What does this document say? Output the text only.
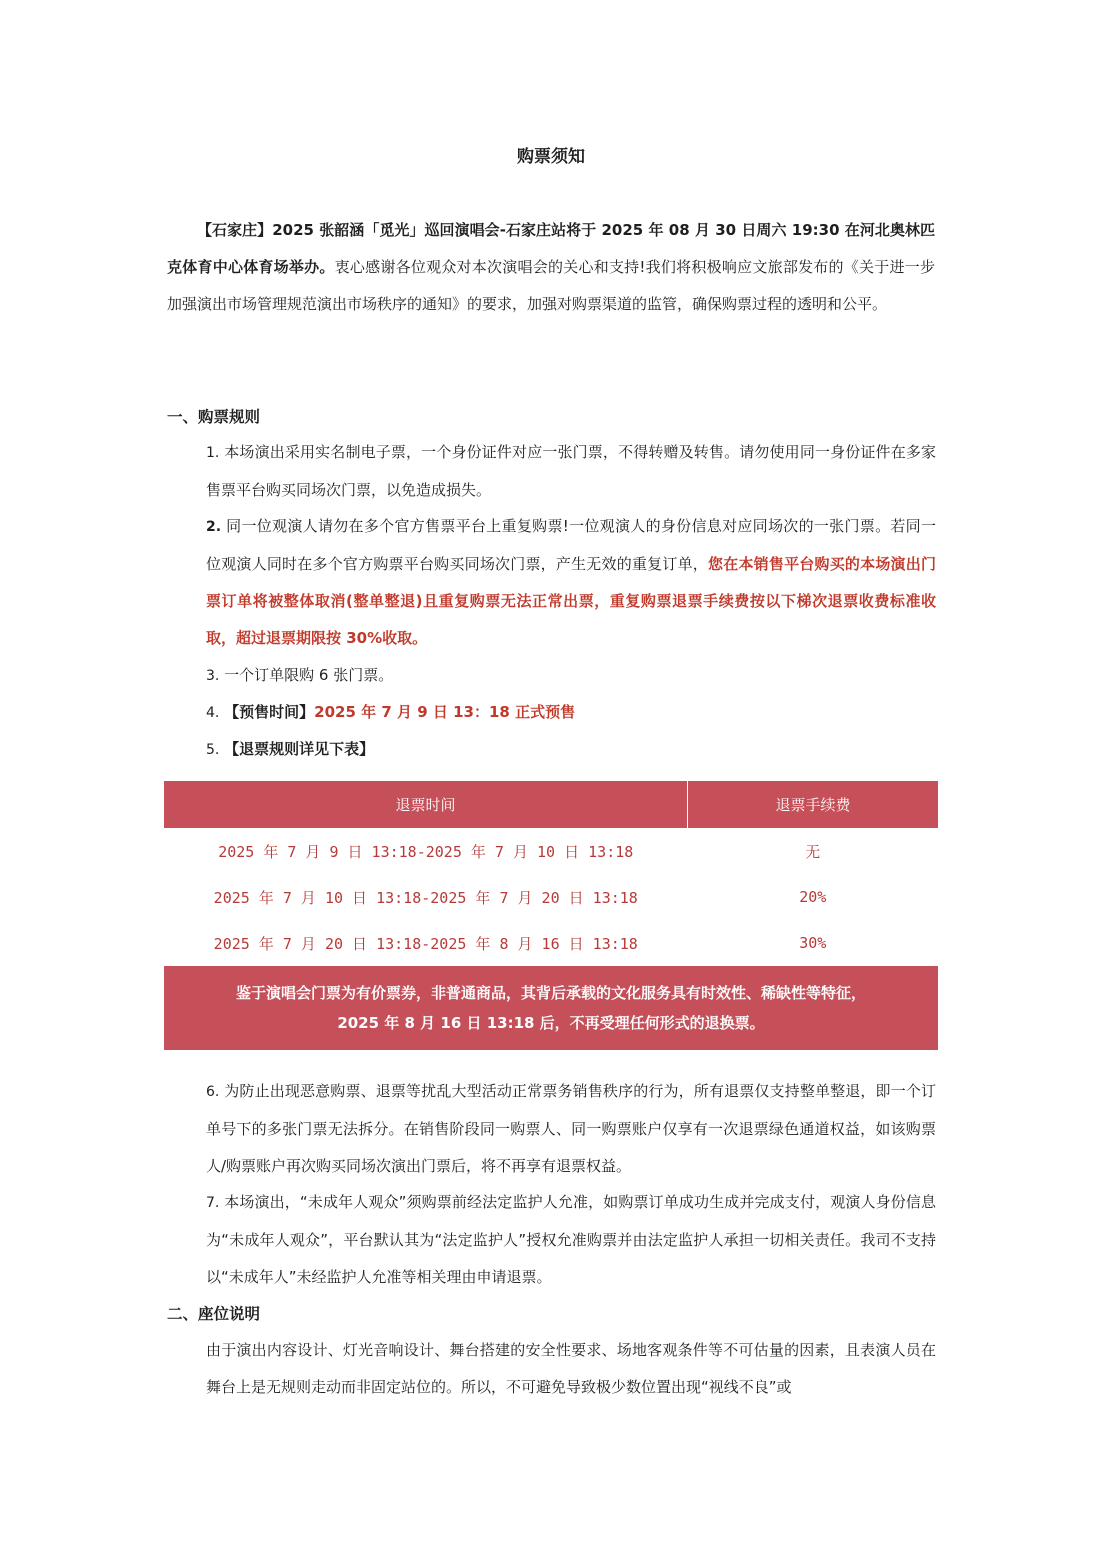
购票须知
【石家庄】2025 张韶涵「觅光」巡回演唱会-石家庄站将于 2025 年 08 月 30 日周六 19:30 在河北奥林匹克体育中心体育场举办。衷心感谢各位观众对本次演唱会的关心和支持!我们将积极响应文旅部发布的《关于进一步加强演出市场管理规范演出市场秩序的通知》的要求，加强对购票渠道的监管，确保购票过程的透明和公平。
一、购票规则
1. 本场演出采用实名制电子票，一个身份证件对应一张门票，不得转赠及转售。请勿使用同一身份证件在多家售票平台购买同场次门票，以免造成损失。
2. 同一位观演人请勿在多个官方售票平台上重复购票!一位观演人的身份信息对应同场次的一张门票。若同一位观演人同时在多个官方购票平台购买同场次门票，产生无效的重复订单，您在本销售平台购买的本场演出门票订单将被整体取消(整单整退)且重复购票无法正常出票，重复购票退票手续费按以下梯次退票收费标准收取，超过退票期限按 30%收取。
3. 一个订单限购 6 张门票。
4. 【预售时间】2025 年 7 月 9 日 13：18 正式预售
5. 【退票规则详见下表】
退票时间	退票手续费
2025 年 7 月 9 日 13:18-2025 年 7 月 10 日 13:18	无
2025 年 7 月 10 日 13:18-2025 年 7 月 20 日 13:18	20%
2025 年 7 月 20 日 13:18-2025 年 8 月 16 日 13:18	30%

鉴于演唱会门票为有价票券，非普通商品，其背后承载的文化服务具有时效性、稀缺性等特征，
2025 年 8 月 16 日 13:18 后，不再受理任何形式的退换票。	
6. 为防止出现恶意购票、退票等扰乱大型活动正常票务销售秩序的行为，所有退票仅支持整单整退，即一个订单号下的多张门票无法拆分。在销售阶段同一购票人、同一购票账户仅享有一次退票绿色通道权益，如该购票人/购票账户再次购买同场次演出门票后，将不再享有退票权益。
7. 本场演出，“未成年人观众”须购票前经法定监护人允准，如购票订单成功生成并完成支付，观演人身份信息为“未成年人观众”，平台默认其为“法定监护人”授权允准购票并由法定监护人承担一切相关责任。我司不支持以“未成年人”未经监护人允准等相关理由申请退票。
二、座位说明
由于演出内容设计、灯光音响设计、舞台搭建的安全性要求、场地客观条件等不可估量的因素，且表演人员在舞台上是无规则走动而非固定站位的。所以，不可避免导致极少数位置出现“视线不良”或
